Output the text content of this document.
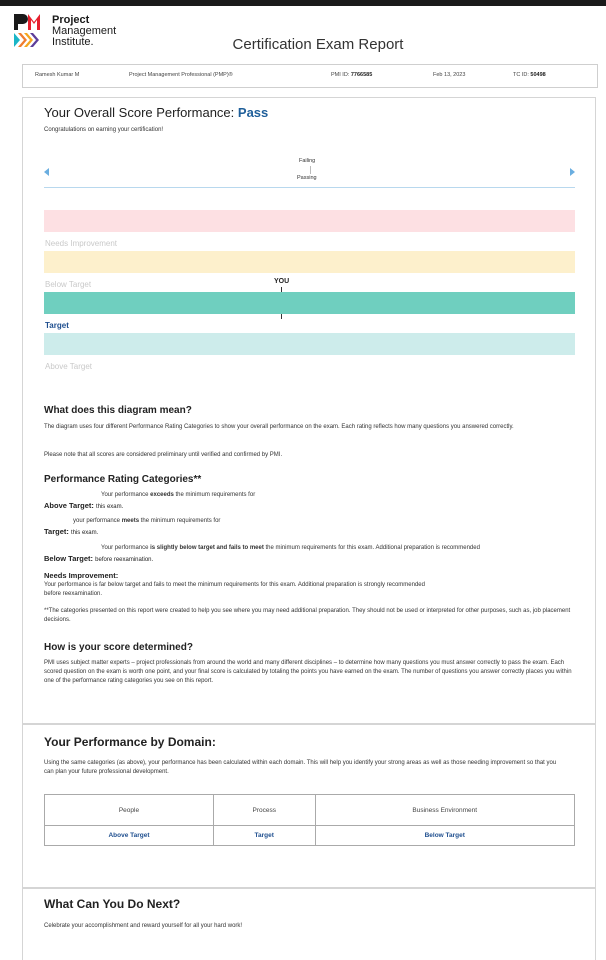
Project
Management
Institute.	Certification Exam Report
Ramesh Kumar M	Project Management Professional (PMP)®	PMI ID: 7766585	Feb 13, 2023	TC ID: 50498
Your Overall Score Performance: Pass
Congratulations on earning your certification!
Failing
Passing
Needs Improvement
Below Target	YOU
Target
Above Target
What does this diagram mean?
The diagram uses four different Performance Rating Categories to show your overall performance on the exam. Each rating reflects how many questions you answered correctly.
Please note that all scores are considered preliminary until verified and confirmed by PMI.
Performance Rating Categories**
Your performance exceeds the minimum requirements for
Above Target: this exam.
your performance meets the minimum requirements for
Target: this exam.
Your performance is slightly below target and fails to meet the minimum requirements for this exam. Additional preparation is recommended
Below Target: before reexamination.
Needs Improvement:
Your performance is far below target and fails to meet the minimum requirements for this exam. Additional preparation is strongly recommended
before reexamination.
**The categories presented on this report were created to help you see where you may need additional preparation. They should not be used or interpreted for other purposes, such as, job placement decisions.
How is your score determined?
PMI uses subject matter experts – project professionals from around the world and many different disciplines – to determine how many questions you must answer correctly to pass the exam. Each scored question on the exam is worth one point, and your final score is calculated by totaling the points you have earned on the exam. The number of questions you answer correctly places you within one of the performance rating categories you see on this report.
Your Performance by Domain:
Using the same categories (as above), your performance has been calculated within each domain. This will help you identify your strong areas as well as those needing improvement so that you can plan your future professional development.
People	Process	Business Environment
Above Target	Target	Below Target
What Can You Do Next?
Celebrate your accomplishment and reward yourself for all your hard work!
